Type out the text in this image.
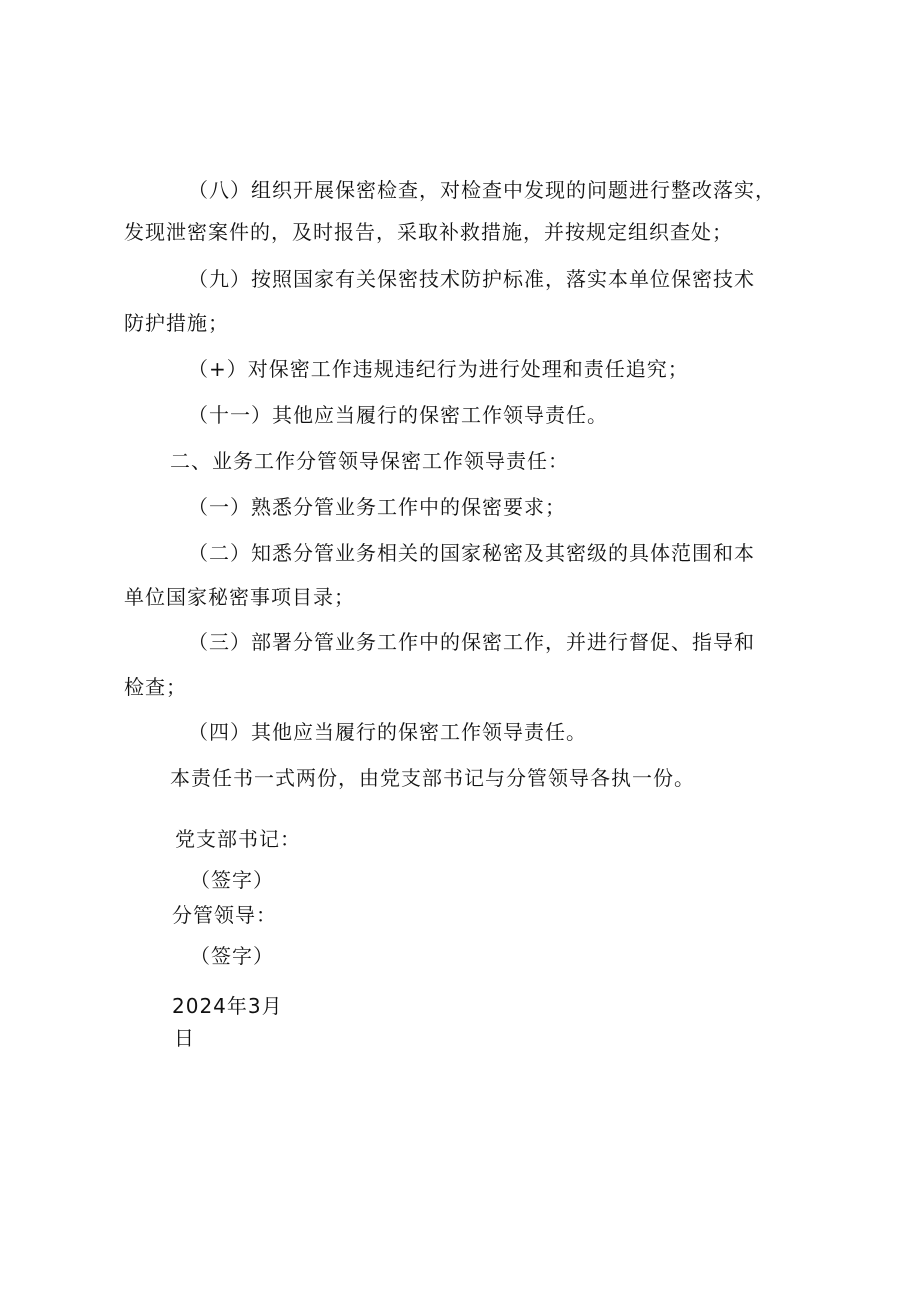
（八）组织开展保密检查，对检查中发现的问题进行整改落实，
发现泄密案件的，及时报告，采取补救措施，并按规定组织查处；
（九）按照国家有关保密技术防护标准，落实本单位保密技术
防护措施；
（+）对保密工作违规违纪行为进行处理和责任追究；
（十一）其他应当履行的保密工作领导责任。
二、业务工作分管领导保密工作领导责任：
（一）熟悉分管业务工作中的保密要求；
（二）知悉分管业务相关的国家秘密及其密级的具体范围和本
单位国家秘密事项目录；
（三）部署分管业务工作中的保密工作，并进行督促、指导和
检查；
（四）其他应当履行的保密工作领导责任。
本责任书一式两份，由党支部书记与分管领导各执一份。
党支部书记：
（签字）
分管领导：
（签字）
2024年3月
日
